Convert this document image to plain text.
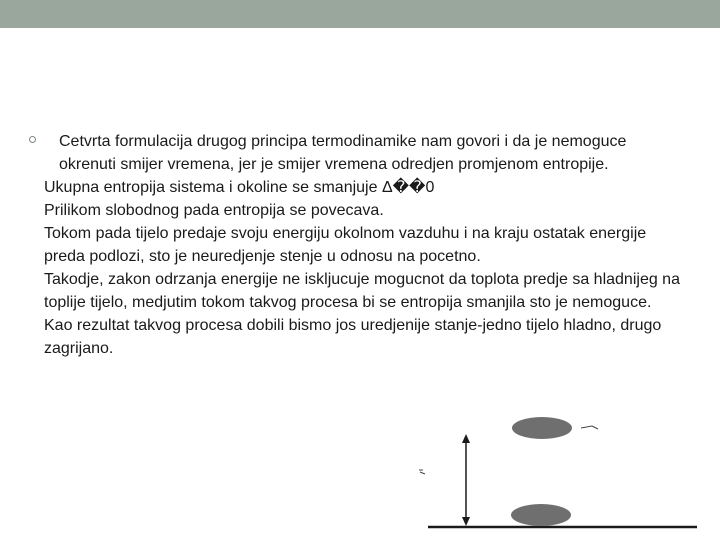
Cetvrta formulacija drugog principa termodinamike nam govori i da je nemoguce okrenuti smijer vremena, jer je smijer vremena odredjen promjenom entropije.
Ukupna entropija sistema i okoline se smanjuje Δ��0
Prilikom slobodnog pada entropija se povecava.
Tokom pada tijelo predaje svoju energiju okolnom vazduhu i na kraju ostatak energije preda podlozi, sto je neuredjenje stenje u odnosu na pocetno.
Takodje, zakon odrzanja energije ne iskljucuje mogucnot da toplota predje sa hladnijeg na toplije tijelo, medjutim tokom takvog procesa bi se entropija smanjila sto je nemoguce.
Kao rezultat takvog procesa dobili bismo jos uredjenije stanje-jedno tijelo hladno, drugo zagrijano.
